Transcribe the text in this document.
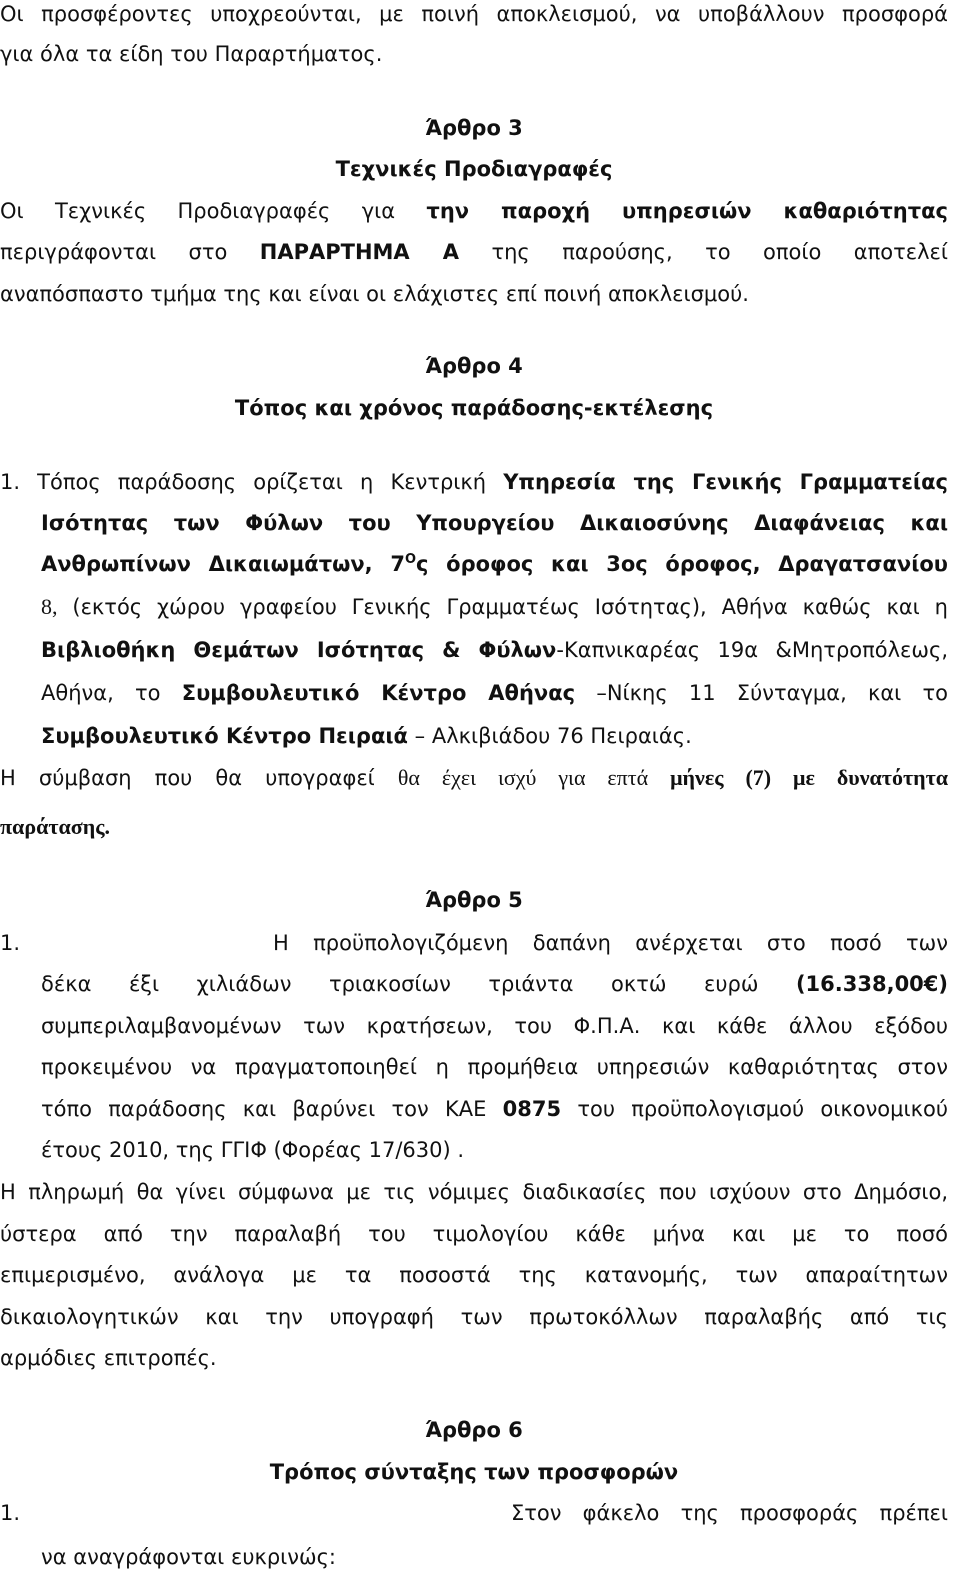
Οι προσφέροντες υποχρεούνται, με ποινή αποκλεισμού, να υποβάλλουν προσφορά
για όλα τα είδη του Παραρτήματος.
Άρθρο 3
Τεχνικές Προδιαγραφές
Οι Τεχνικές Προδιαγραφές για την παροχή υπηρεσιών καθαριότητας
περιγράφονται στο ΠΑΡΑΡΤΗΜΑ Α της παρούσης, το οποίο αποτελεί
αναπόσπαστο τμήμα της και είναι οι ελάχιστες επί ποινή αποκλεισμού.
Άρθρο 4
Τόπος και χρόνος παράδοσης-εκτέλεσης
1. Τόπος παράδοσης ορίζεται η Κεντρική Υπηρεσία της Γενικής Γραμματείας
Ισότητας των Φύλων του Υπουργείου Δικαιοσύνης Διαφάνειας και
Ανθρωπίνων Δικαιωμάτων, $7^O\varsigma$ όροφος και 3ος όροφος, Δραγατσανίου
8, (εκτός χώρου γραφείου Γενικής Γραμματέως Ισότητας), Αθήνα καθώς και η
Βιβλιοθήκη Θεμάτων Ισότητας & Φύλων-Καπνικαρέας 19α &Μητροπόλεως,
Αθήνα, το Συμβουλευτικό Κέντρο Αθήνας –Νίκης 11 Σύνταγμα, και το
Συμβουλευτικό Κέντρο Πειραιά – Αλκιβιάδου 76 Πειραιάς.
Η σύμβαση που θα υπογραφεί θα έχει ισχύ για επτά μήνες (7) με δυνατότητα
παράτασης.
Άρθρο 5
1.	Η προϋπολογιζόμενη δαπάνη ανέρχεται στο ποσό των
δέκα έξι χιλιάδων τριακοσίων τριάντα οκτώ ευρώ (16.338,00€)
συμπεριλαμβανομένων των κρατήσεων, του Φ.Π.Α. και κάθε άλλου εξόδου
προκειμένου να πραγματοποιηθεί η προμήθεια υπηρεσιών καθαριότητας στον
τόπο παράδοσης και βαρύνει τον ΚΑΕ 0875 του προϋπολογισμού οικονομικού
έτους 2010, της ΓΓΙΦ (Φορέας 17/630) .
Η πληρωμή θα γίνει σύμφωνα με τις νόμιμες διαδικασίες που ισχύουν στο Δημόσιο,
ύστερα από την παραλαβή του τιμολογίου κάθε μήνα και με το ποσό
επιμερισμένο, ανάλογα με τα ποσοστά της κατανομής, των απαραίτητων
δικαιολογητικών και την υπογραφή των πρωτοκόλλων παραλαβής από τις
αρμόδιες επιτροπές.
Άρθρο 6
Τρόπος σύνταξης των προσφορών
1.	Στον φάκελο της προσφοράς πρέπει
να αναγράφονται ευκρινώς:
